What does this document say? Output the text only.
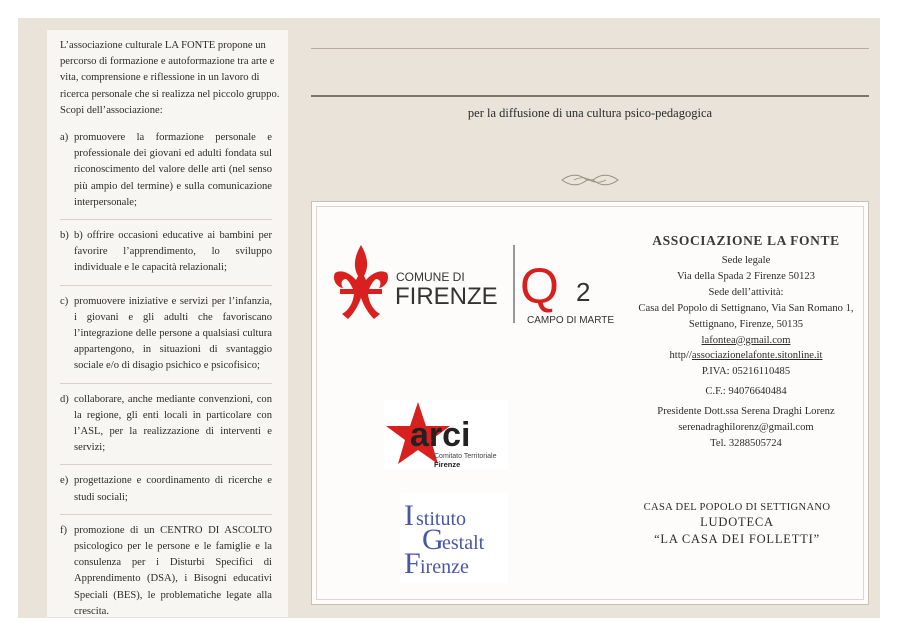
L’associazione culturale LA FONTE propone un percorso di formazione e autoformazione tra arte e vita, comprensione e riflessione in un lavoro di ricerca personale che si realizza nel piccolo gruppo. Scopi dell’associazione:
a) promuovere la formazione personale e professionale dei giovani ed adulti fondata sul riconoscimento del valore delle arti (nel senso più ampio del termine) e sulla comunicazione interpersonale;
b) b) offrire occasioni educative ai bambini per favorire l’apprendimento, lo sviluppo individuale e le capacità relazionali;
c) promuovere iniziative e servizi per l’infanzia, i giovani e gli adulti che favoriscano l’integrazione delle persone a qualsiasi cultura appartengono, in situazioni di svantaggio sociale e/o di disagio psichico e psicofisico;
d) collaborare, anche mediante convenzioni, con la regione, gli enti locali in particolare con l’ASL, per la realizzazione di interventi e servizi;
e) progettazione e coordinamento di ricerche e studi sociali;
f) promozione di un CENTRO DI ASCOLTO psicologico per le persone e le famiglie e la consulenza per i Disturbi Specifici di Apprendimento (DSA), i Bisogni educativi Speciali (BES), le problematiche legate alla crescita.
per la diffusione di una cultura psico-pedagogica
COMUNE DI
FIRENZE Q 2
CAMPO DI MARTE
arci
Comitato Territoriale
Firenze
I stituto
G
estalt
F irenze
ASSOCIAZIONE LA FONTE
Sede legale
Via della Spada 2 Firenze 50123
Sede dell’attività:
Casa del Popolo di Settignano, Via San Romano 1,
Settignano, Firenze, 50135
lafontea@gmail.com
http//associazionelafonte.sitonline.it
P.IVA: 05216110485
C.F.: 94076640484
Presidente Dott.ssa Serena Draghi Lorenz
serenadraghilorenz@gmail.com
Tel. 3288505724
CASA DEL POPOLO DI SETTIGNANO
LUDOTECA
“LA CASA DEI FOLLETTI”
